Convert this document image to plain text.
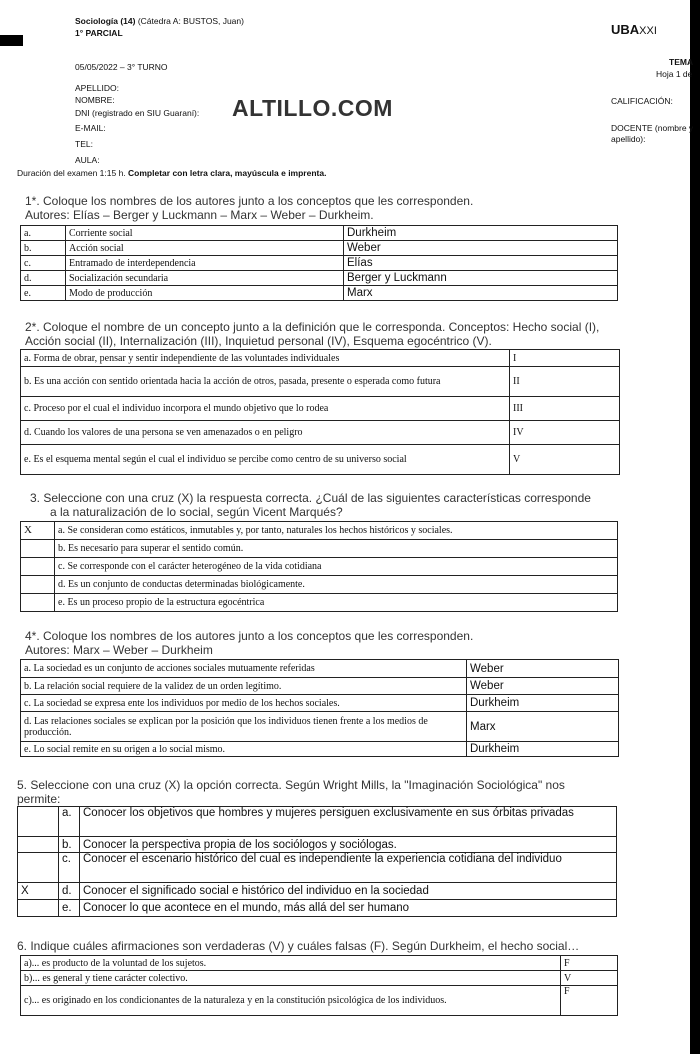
Sociología (14) (Cátedra A: BUSTOS, Juan)
1° PARCIAL
05/05/2022 – 3° TURNO
APELLIDO:
NOMBRE:
DNI (registrado en SIU Guaraní):
E-MAIL:
TEL:
AULA:
ALTILLO.COM
UBAXXI
TEMA
Hoja 1 de
CALIFICACIÓN:
DOCENTE (nombre y
apellido):
Duración del examen 1:15 h. Completar con letra clara, mayúscula e imprenta.
1*. Coloque los nombres de los autores junto a los conceptos que les corresponden.
Autores: Elías – Berger y Luckmann – Marx – Weber – Durkheim.
a.	Corriente social	Durkheim
b.	Acción social	Weber
c.	Entramado de interdependencia	Elías
d.	Socialización secundaria	Berger y Luckmann
e.	Modo de producción	Marx
2*. Coloque el nombre de un concepto junto a la definición que le corresponda. Conceptos: Hecho social (I),
Acción social (II), Internalización (III), Inquietud personal (IV), Esquema egocéntrico (V).
a. Forma de obrar, pensar y sentir independiente de las voluntades individuales	I
b. Es una acción con sentido orientada hacia la acción de otros, pasada, presente o esperada como futura	II
c. Proceso por el cual el individuo incorpora el mundo objetivo que lo rodea	III
d. Cuando los valores de una persona se ven amenazados o en peligro	IV
e. Es el esquema mental según el cual el individuo se percibe como centro de su universo social	V
3. Seleccione con una cruz (X) la respuesta correcta. ¿Cuál de las siguientes características corresponde
a la naturalización de lo social, según Vicent Marqués?
X	a. Se consideran como estáticos, inmutables y, por tanto, naturales los hechos históricos y sociales.
	b. Es necesario para superar el sentido común.
	c. Se corresponde con el carácter heterogéneo de la vida cotidiana
	d. Es un conjunto de conductas determinadas biológicamente.
	e. Es un proceso propio de la estructura egocéntrica
4*. Coloque los nombres de los autores junto a los conceptos que les corresponden.
Autores: Marx – Weber – Durkheim
a. La sociedad es un conjunto de acciones sociales mutuamente referidas	Weber
b. La relación social requiere de la validez de un orden legítimo.	Weber
c. La sociedad se expresa ente los individuos por medio de los hechos sociales.	Durkheim
d. Las relaciones sociales se explican por la posición que los individuos tienen frente a los medios de producción.	Marx
e. Lo social remite en su origen a lo social mismo.	Durkheim
5. Seleccione con una cruz (X) la opción correcta. Según Wright Mills, la "Imaginación Sociológica" nos
permite:
	a.	Conocer los objetivos que hombres y mujeres persiguen exclusivamente en sus órbitas privadas
	b.	Conocer la perspectiva propia de los sociólogos y sociólogas.
	c.	Conocer el escenario histórico del cual es independiente la experiencia cotidiana del individuo
X	d.	Conocer el significado social e histórico del individuo en la sociedad
	e.	Conocer lo que acontece en el mundo, más allá del ser humano
6. Indique cuáles afirmaciones son verdaderas (V) y cuáles falsas (F). Según Durkheim, el hecho social…
a)... es producto de la voluntad de los sujetos.	F
b)... es general y tiene carácter colectivo.	V
c)... es originado en los condicionantes de la naturaleza y en la constitución psicológica de los individuos.	F
